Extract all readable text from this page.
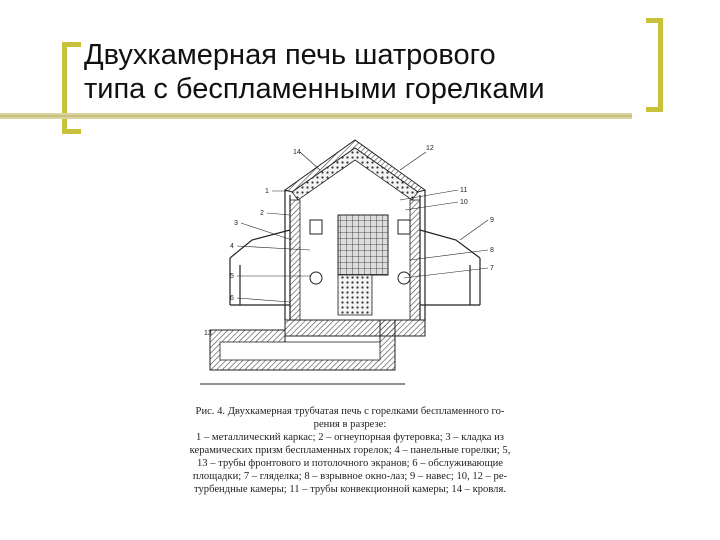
Двухкамерная печь шатрового
типа с беспламенными горелками
14
12
1
2
3
4
5
6
11
10
9
8
7
13
Рис. 4. Двухкамерная трубчатая печь с горелками беспламенного го-
рения в разрезе:
1 – металлический каркас; 2 – огнеупорная футеровка; 3 – кладка из
керамических призм беспламенных горелок; 4 – панельные горелки; 5,
13 – трубы фронтового и потолочного экранов; 6 – обслуживающие
площадки; 7 – гляделка; 8 – взрывное окно-лаз; 9 – навес; 10, 12 – ре-
турбендные камеры; 11 – трубы конвекционной камеры; 14 – кровля.
